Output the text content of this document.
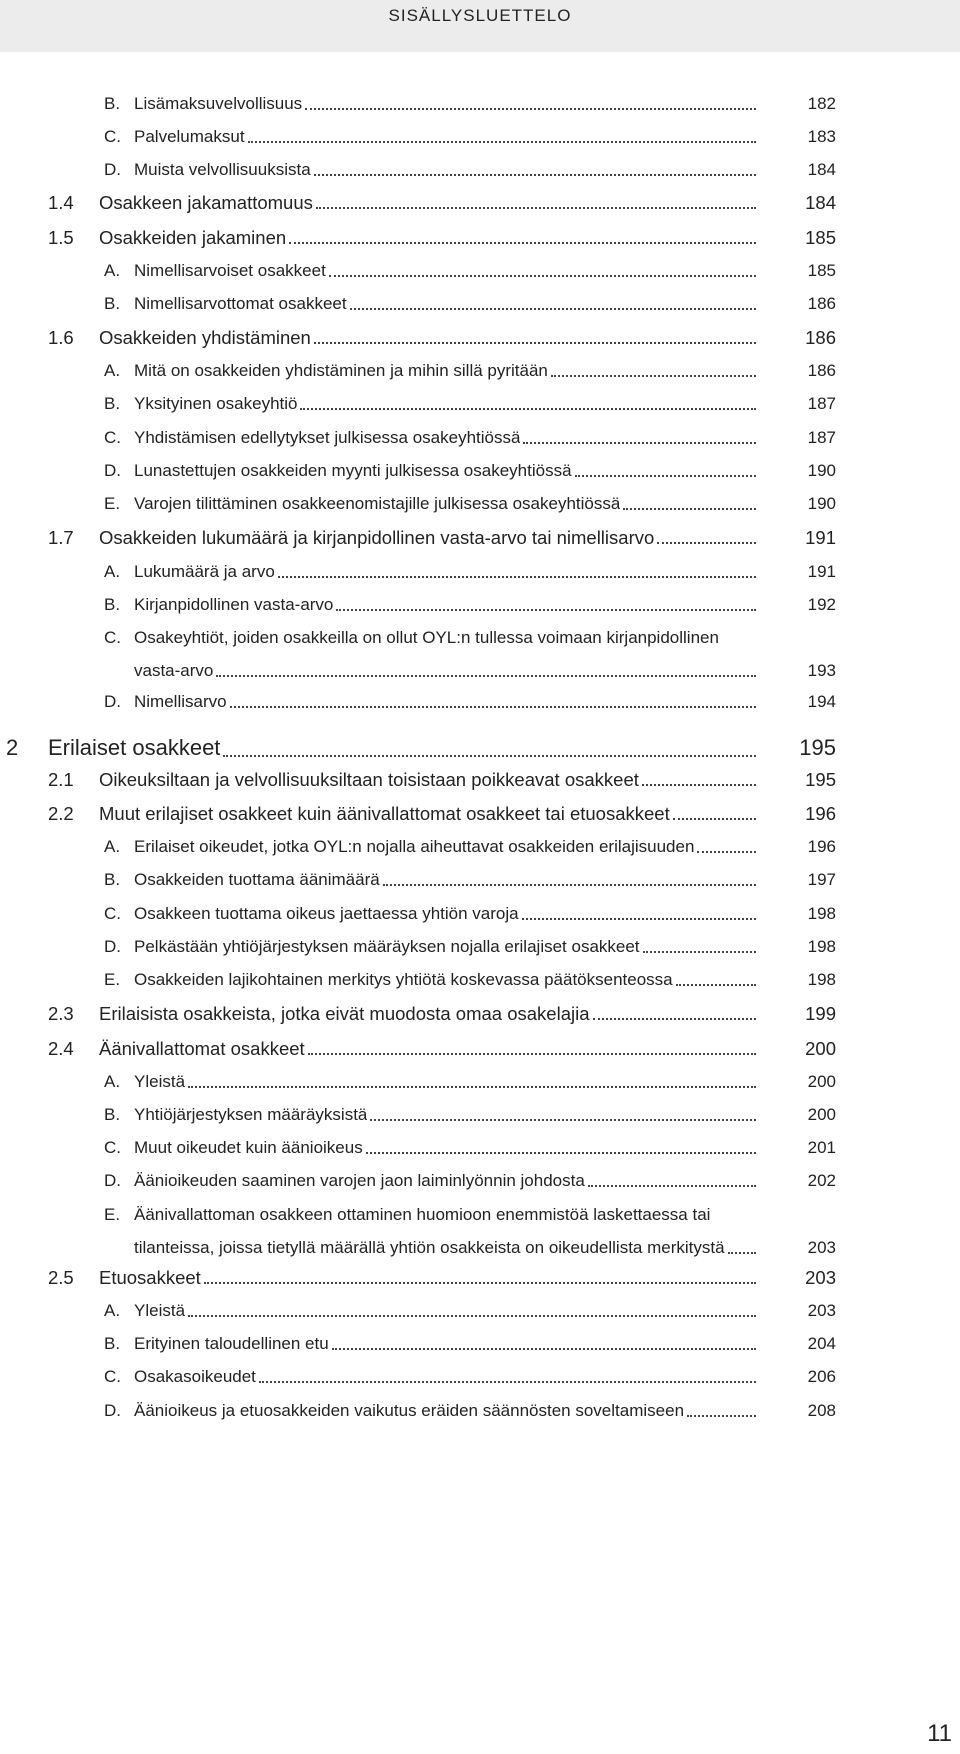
SISÄLLYSLUETTELO
B. Lisämaksuvelvollisuus	182
C. Palvelumaksut	183
D. Muista velvollisuuksista	184
1.4 Osakkeen jakamattomuus	184
1.5 Osakkeiden jakaminen	185
A. Nimellisarvoiset osakkeet	185
B. Nimellisarvottomat osakkeet	186
1.6 Osakkeiden yhdistäminen	186
A. Mitä on osakkeiden yhdistäminen ja mihin sillä pyritään	186
B. Yksityinen osakeyhtiö	187
C. Yhdistämisen edellytykset julkisessa osakeyhtiössä	187
D. Lunastettujen osakkeiden myynti julkisessa osakeyhtiössä	190
E. Varojen tilittäminen osakkeenomistajille julkisessa osakeyhtiössä	190
1.7 Osakkeiden lukumäärä ja kirjanpidollinen vasta-arvo tai nimellisarvo	191
A. Lukumäärä ja arvo	191
B. Kirjanpidollinen vasta-arvo	192
C. Osakeyhtiöt, joiden osakkeilla on ollut OYL:n tullessa voimaan kirjanpidollinen
vasta-arvo	193
D. Nimellisarvo	194
2 Erilaiset osakkeet	195
2.1 Oikeuksiltaan ja velvollisuuksiltaan toisistaan poikkeavat osakkeet	195
2.2 Muut erilajiset osakkeet kuin äänivallattomat osakkeet tai etuosakkeet	196
A. Erilaiset oikeudet, jotka OYL:n nojalla aiheuttavat osakkeiden erilajisuuden	196
B. Osakkeiden tuottama äänimäärä	197
C. Osakkeen tuottama oikeus jaettaessa yhtiön varoja	198
D. Pelkästään yhtiöjärjestyksen määräyksen nojalla erilajiset osakkeet	198
E. Osakkeiden lajikohtainen merkitys yhtiötä koskevassa päätöksenteossa	198
2.3 Erilaisista osakkeista, jotka eivät muodosta omaa osakelajia	199
2.4 Äänivallattomat osakkeet	200
A. Yleistä	200
B. Yhtiöjärjestyksen määräyksistä	200
C. Muut oikeudet kuin äänioikeus	201
D. Äänioikeuden saaminen varojen jaon laiminlyönnin johdosta	202
E. Äänivallattoman osakkeen ottaminen huomioon enemmistöä laskettaessa tai
tilanteissa, joissa tietyllä määrällä yhtiön osakkeista on oikeudellista merkitystä	203
2.5 Etuosakkeet	203
A. Yleistä	203
B. Erityinen taloudellinen etu	204
C. Osakasoikeudet	206
D. Äänioikeus ja etuosakkeiden vaikutus eräiden säännösten soveltamiseen	208
11
